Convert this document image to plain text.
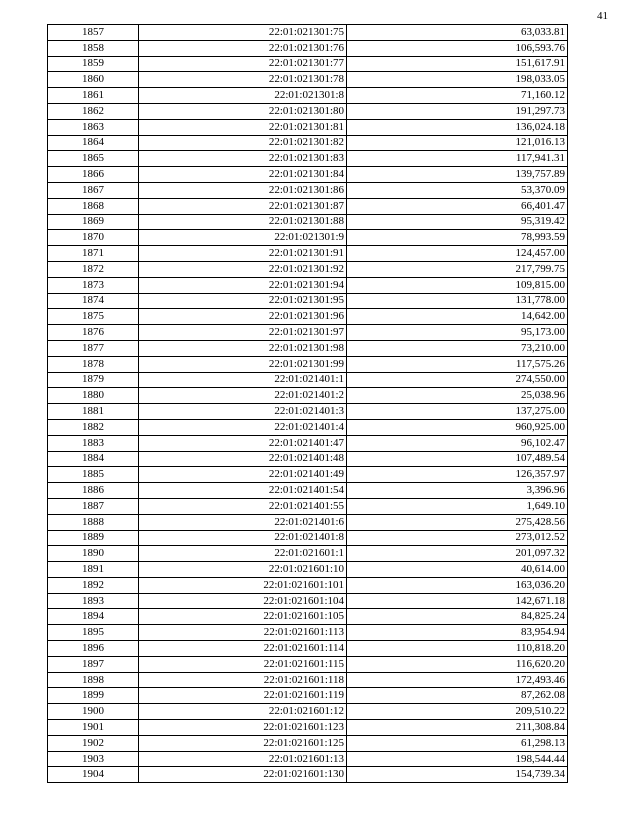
41
1857	22:01:021301:75	63,033.81
1858	22:01:021301:76	106,593.76
1859	22:01:021301:77	151,617.91
1860	22:01:021301:78	198,033.05
1861	22:01:021301:8	71,160.12
1862	22:01:021301:80	191,297.73
1863	22:01:021301:81	136,024.18
1864	22:01:021301:82	121,016.13
1865	22:01:021301:83	117,941.31
1866	22:01:021301:84	139,757.89
1867	22:01:021301:86	53,370.09
1868	22:01:021301:87	66,401.47
1869	22:01:021301:88	95,319.42
1870	22:01:021301:9	78,993.59
1871	22:01:021301:91	124,457.00
1872	22:01:021301:92	217,799.75
1873	22:01:021301:94	109,815.00
1874	22:01:021301:95	131,778.00
1875	22:01:021301:96	14,642.00
1876	22:01:021301:97	95,173.00
1877	22:01:021301:98	73,210.00
1878	22:01:021301:99	117,575.26
1879	22:01:021401:1	274,550.00
1880	22:01:021401:2	25,038.96
1881	22:01:021401:3	137,275.00
1882	22:01:021401:4	960,925.00
1883	22:01:021401:47	96,102.47
1884	22:01:021401:48	107,489.54
1885	22:01:021401:49	126,357.97
1886	22:01:021401:54	3,396.96
1887	22:01:021401:55	1,649.10
1888	22:01:021401:6	275,428.56
1889	22:01:021401:8	273,012.52
1890	22:01:021601:1	201,097.32
1891	22:01:021601:10	40,614.00
1892	22:01:021601:101	163,036.20
1893	22:01:021601:104	142,671.18
1894	22:01:021601:105	84,825.24
1895	22:01:021601:113	83,954.94
1896	22:01:021601:114	110,818.20
1897	22:01:021601:115	116,620.20
1898	22:01:021601:118	172,493.46
1899	22:01:021601:119	87,262.08
1900	22:01:021601:12	209,510.22
1901	22:01:021601:123	211,308.84
1902	22:01:021601:125	61,298.13
1903	22:01:021601:13	198,544.44
1904	22:01:021601:130	154,739.34
